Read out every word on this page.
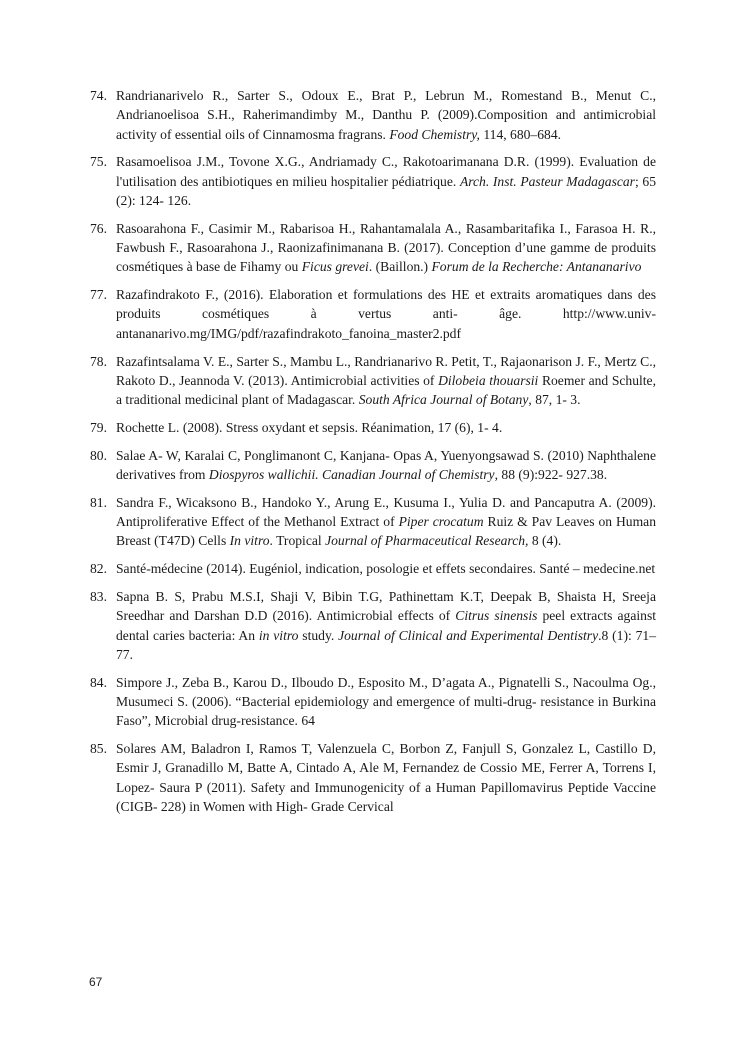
74. Randrianarivelo R., Sarter S., Odoux E., Brat P., Lebrun M., Romestand B., Menut C., Andrianoelisoa S.H., Raherimandimby M., Danthu P. (2009).Composition and antimicrobial activity of essential oils of Cinnamosma fragrans. Food Chemistry, 114, 680–684.
75. Rasamoelisoa J.M., Tovone X.G., Andriamady C., Rakotoarimanana D.R. (1999). Evaluation de l'utilisation des antibiotiques en milieu hospitalier pédiatrique. Arch. Inst. Pasteur Madagascar; 65 (2): 124- 126.
76. Rasoarahona F., Casimir M., Rabarisoa H., Rahantamalala A., Rasambaritafika I., Farasoa H. R., Fawbush F., Rasoarahona J., Raonizafinimanana B. (2017). Conception d’une gamme de produits cosmétiques à base de Fihamy ou Ficus grevei. (Baillon.) Forum de la Recherche: Antananarivo
77. Razafindrakoto F., (2016). Elaboration et formulations des HE et extraits aromatiques dans des produits cosmétiques à vertus anti- âge. http://www.univ-antananarivo.mg/IMG/pdf/razafindrakoto_fanoina_master2.pdf
78. Razafintsalama V. E., Sarter S., Mambu L., Randrianarivo R. Petit, T., Rajaonarison J. F., Mertz C., Rakoto D., Jeannoda V. (2013). Antimicrobial activities of Dilobeia thouarsii Roemer and Schulte, a traditional medicinal plant of Madagascar. South Africa Journal of Botany, 87, 1- 3.
79. Rochette L. (2008). Stress oxydant et sepsis. Réanimation, 17 (6), 1- 4.
80. Salae A- W, Karalai C, Ponglimanont C, Kanjana- Opas A, Yuenyongsawad S. (2010) Naphthalene derivatives from Diospyros wallichii. Canadian Journal of Chemistry, 88 (9):922- 927.38.
81. Sandra F., Wicaksono B., Handoko Y., Arung E., Kusuma I., Yulia D. and Pancaputra A. (2009). Antiproliferative Effect of the Methanol Extract of Piper crocatum Ruiz & Pav Leaves on Human Breast (T47D) Cells In vitro. Tropical Journal of Pharmaceutical Research, 8 (4).
82. Santé-médecine (2014). Eugéniol, indication, posologie et effets secondaires. Santé – medecine.net
83. Sapna B. S, Prabu M.S.I, Shaji V, Bibin T.G, Pathinettam K.T, Deepak B, Shaista H, Sreeja Sreedhar and Darshan D.D (2016). Antimicrobial effects of Citrus sinensis peel extracts against dental caries bacteria: An in vitro study. Journal of Clinical and Experimental Dentistry.8 (1): 71–77.
84. Simpore J., Zeba B., Karou D., Ilboudo D., Esposito M., D’agata A., Pignatelli S., Nacoulma Og., Musumeci S. (2006). “Bacterial epidemiology and emergence of multi-drug- resistance in Burkina Faso”, Microbial drug-resistance. 64
85. Solares AM, Baladron I, Ramos T, Valenzuela C, Borbon Z, Fanjull S, Gonzalez L, Castillo D, Esmir J, Granadillo M, Batte A, Cintado A, Ale M, Fernandez de Cossio ME, Ferrer A, Torrens I, Lopez- Saura P (2011). Safety and Immunogenicity of a Human Papillomavirus Peptide Vaccine (CIGB- 228) in Women with High- Grade Cervical
67
